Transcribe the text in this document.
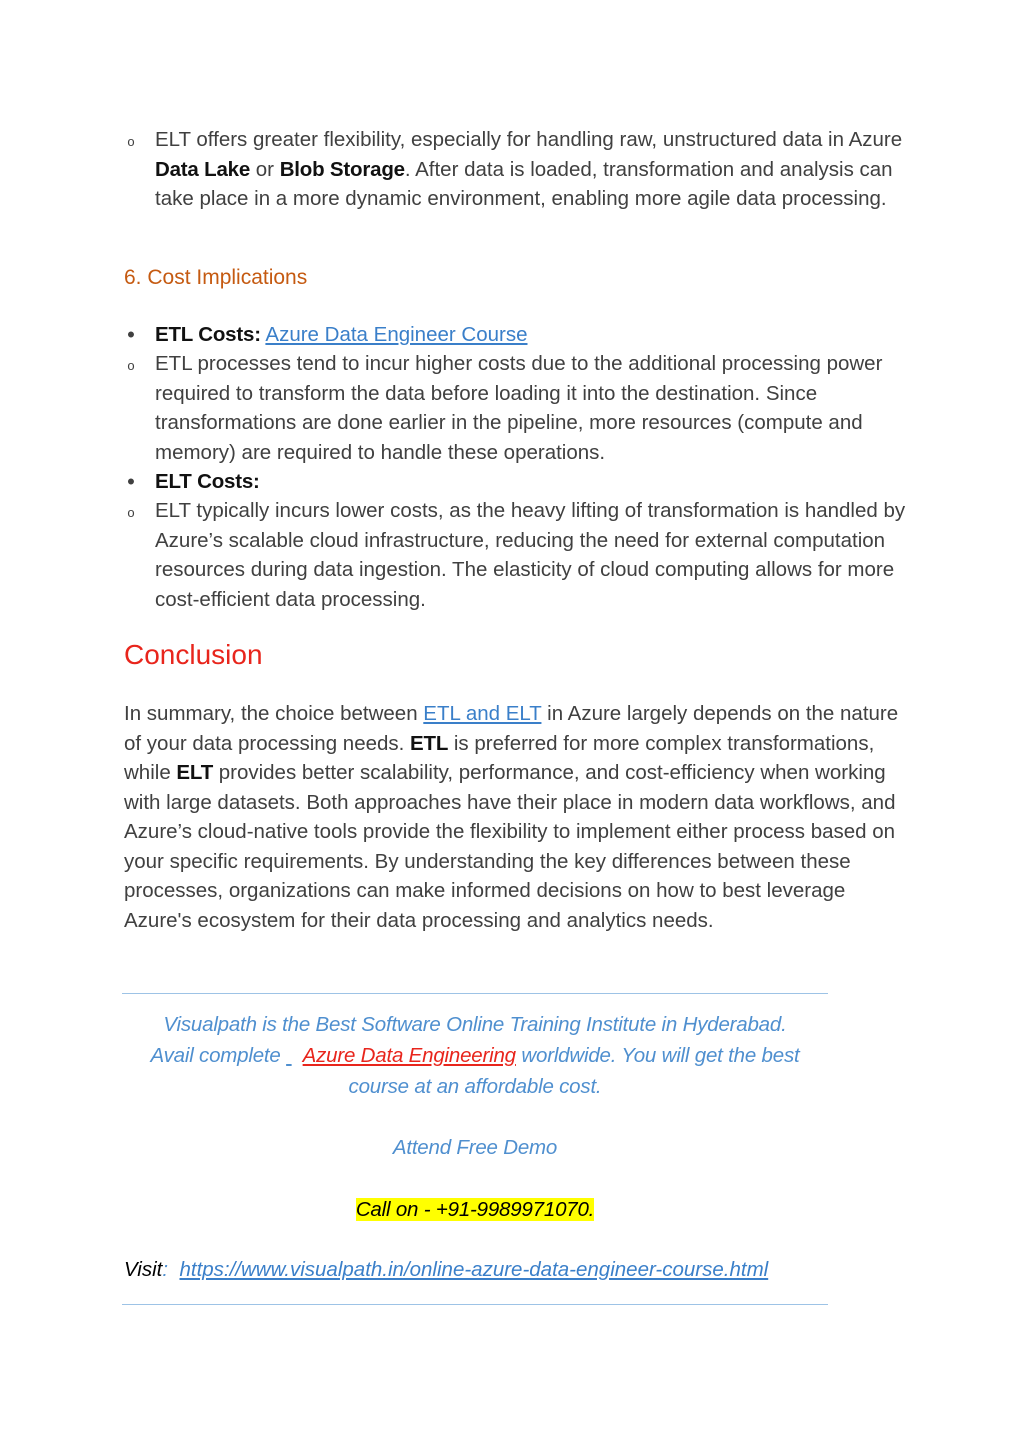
o ELT offers greater flexibility, especially for handling raw, unstructured data in Azure Data Lake or Blob Storage. After data is loaded, transformation and analysis can take place in a more dynamic environment, enabling more agile data processing.
6. Cost Implications
• ETL Costs: Azure Data Engineer Course
o ETL processes tend to incur higher costs due to the additional processing power required to transform the data before loading it into the destination. Since transformations are done earlier in the pipeline, more resources (compute and memory) are required to handle these operations.
• ELT Costs:
o ELT typically incurs lower costs, as the heavy lifting of transformation is handled by Azure’s scalable cloud infrastructure, reducing the need for external computation resources during data ingestion. The elasticity of cloud computing allows for more cost-efficient data processing.
Conclusion
In summary, the choice between ETL and ELT in Azure largely depends on the nature of your data processing needs. ETL is preferred for more complex transformations, while ELT provides better scalability, performance, and cost-efficiency when working with large datasets. Both approaches have their place in modern data workflows, and Azure’s cloud-native tools provide the flexibility to implement either process based on your specific requirements. By understanding the key differences between these processes, organizations can make informed decisions on how to best leverage Azure's ecosystem for their data processing and analytics needs.
Visualpath is the Best Software Online Training Institute in Hyderabad.
Avail complete    Azure Data Engineering worldwide. You will get the best course at an affordable cost.
Attend Free Demo
Call on - +91-9989971070.
Visit: https://www.visualpath.in/online-azure-data-engineer-course.html
